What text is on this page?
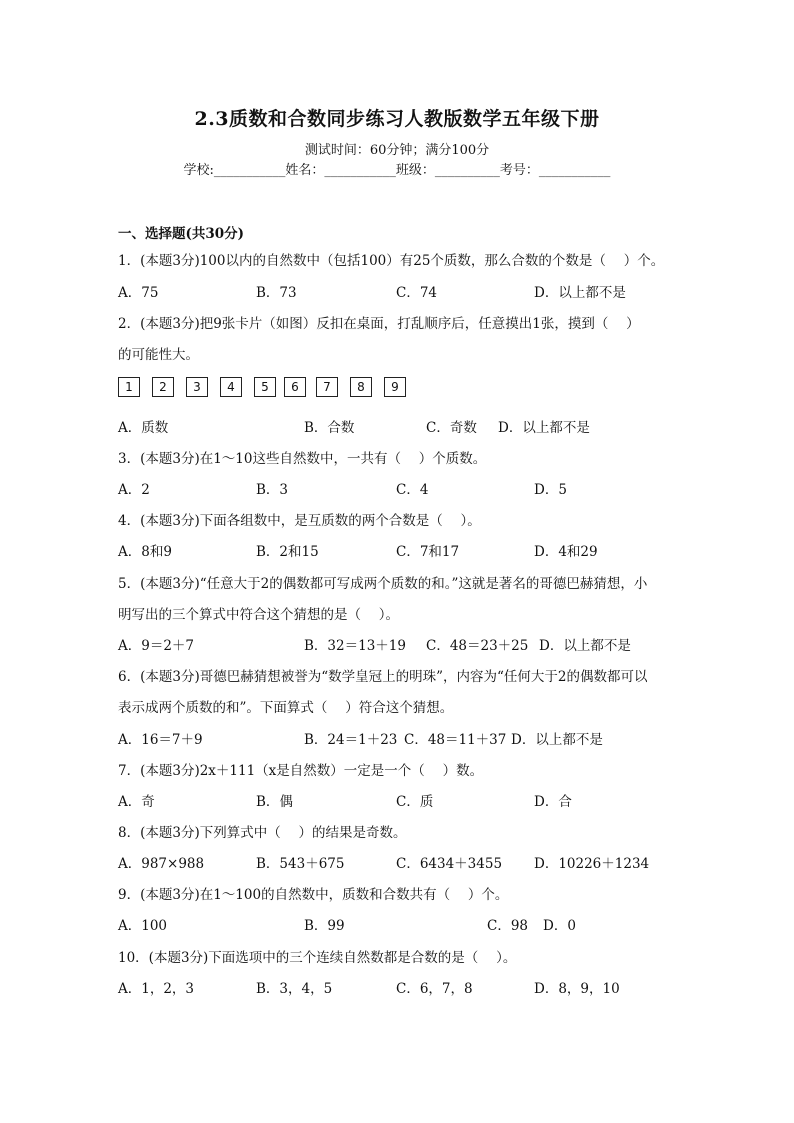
2.3质数和合数同步练习人教版数学五年级下册
测试时间：60分钟；满分100分
学校:___________姓名：___________班级：__________考号：___________
一、选择题(共30分)
1．(本题3分)100以内的自然数中（包括100）有25个质数，那么合数的个数是（　 ）个。
A．75	B．73	C．74	D．以上都不是
2．(本题3分)把9张卡片（如图）反扣在桌面，打乱顺序后，任意摸出1张，摸到（　 ）
的可能性大。
1	2	3	4	5	6	7	8	9
A．质数	B．合数	C．奇数 D．以上都不是
3．(本题3分)在1～10这些自然数中，一共有（　 ）个质数。
A．2	B．3	C．4	D．5
4．(本题3分)下面各组数中，是互质数的两个合数是（　 ）。
A．8和9	B．2和15	C．7和17	D．4和29
5．(本题3分)“任意大于2的偶数都可写成两个质数的和。”这就是著名的哥德巴赫猜想，小
明写出的三个算式中符合这个猜想的是（　 ）。
A．9＝2＋7	B．32＝13＋19 C．48＝23＋25 D．以上都不是
6．(本题3分)哥德巴赫猜想被誉为“数学皇冠上的明珠”，内容为“任何大于2的偶数都可以
表示成两个质数的和”。下面算式（　 ）符合这个猜想。
A．16＝7＋9	B．24＝1＋23 C．48＝11＋37 D．以上都不是
7．(本题3分)2x＋111（x是自然数）一定是一个（　 ）数。
A．奇	B．偶	C．质	D．合
8．(本题3分)下列算式中（　 ）的结果是奇数。
A．987×988	B．543＋675	C．6434＋3455 D．10226＋1234
9．(本题3分)在1～100的自然数中，质数和合数共有（　 ）个。
A．100	B．99	C．98 D．0
10．(本题3分)下面选项中的三个连续自然数都是合数的是（　 ）。
A．1，2，3	B．3，4，5	C．6，7，8	D．8，9，10
